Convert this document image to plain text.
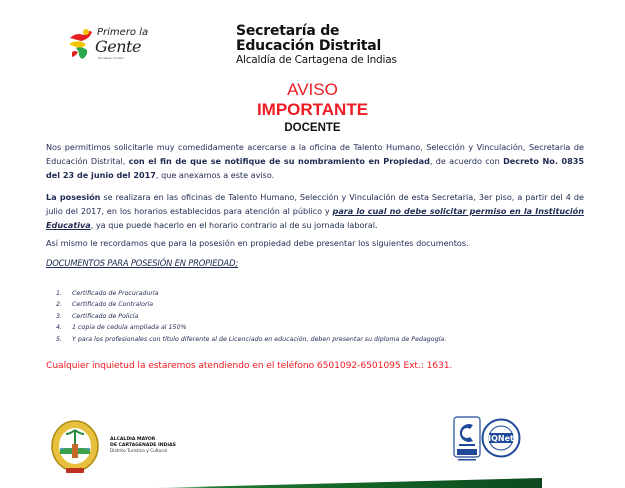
Primero la
Gente
Haciendo Ciudad
Secretaría de
Educación Distrital
Alcaldía de Cartagena de Indias
AVISO
IMPORTANTE
DOCENTE
Nos permitimos solicitarle muy comedidamente acercarse a la oficina de Talento Humano, Selección y Vinculación, Secretaria de Educación Distrital, con el fin de que se notifique de su nombramiento en Propiedad, de acuerdo con Decreto No. 0835 del 23 de junio del 2017, que anexamos a este aviso.
La posesión se realizara en las oficinas de Talento Humano, Selección y Vinculación de esta Secretaria, 3er piso, a partir del 4 de julio del 2017, en los horarios establecidos para atención al público y para lo cual no debe solicitar permiso en la Institución Educativa, ya que puede hacerlo en el horario contrario al de su jornada laboral.
Así mismo le recordamos que para la posesión en propiedad debe presentar los siguientes documentos.
DOCUMENTOS PARA POSESIÓN EN PROPIEDAD;
1. Certificado de Procuraduría
2. Certificado de Contraloría
3. Certificado de Policía
4. 1 copia de cedula ampliada al 150%
5. Y para los profesionales con título diferente al de Licenciado en educación, deben presentar su diploma de Pedagogía.
Cualquier inquietud la estaremos atendiendo en el teléfono 6501092-6501095 Ext.: 1631.
ALCALDIA MAYOR
DE CARTAGENADE INDIAS
Distrito Turístico y Cultural
IQNet
